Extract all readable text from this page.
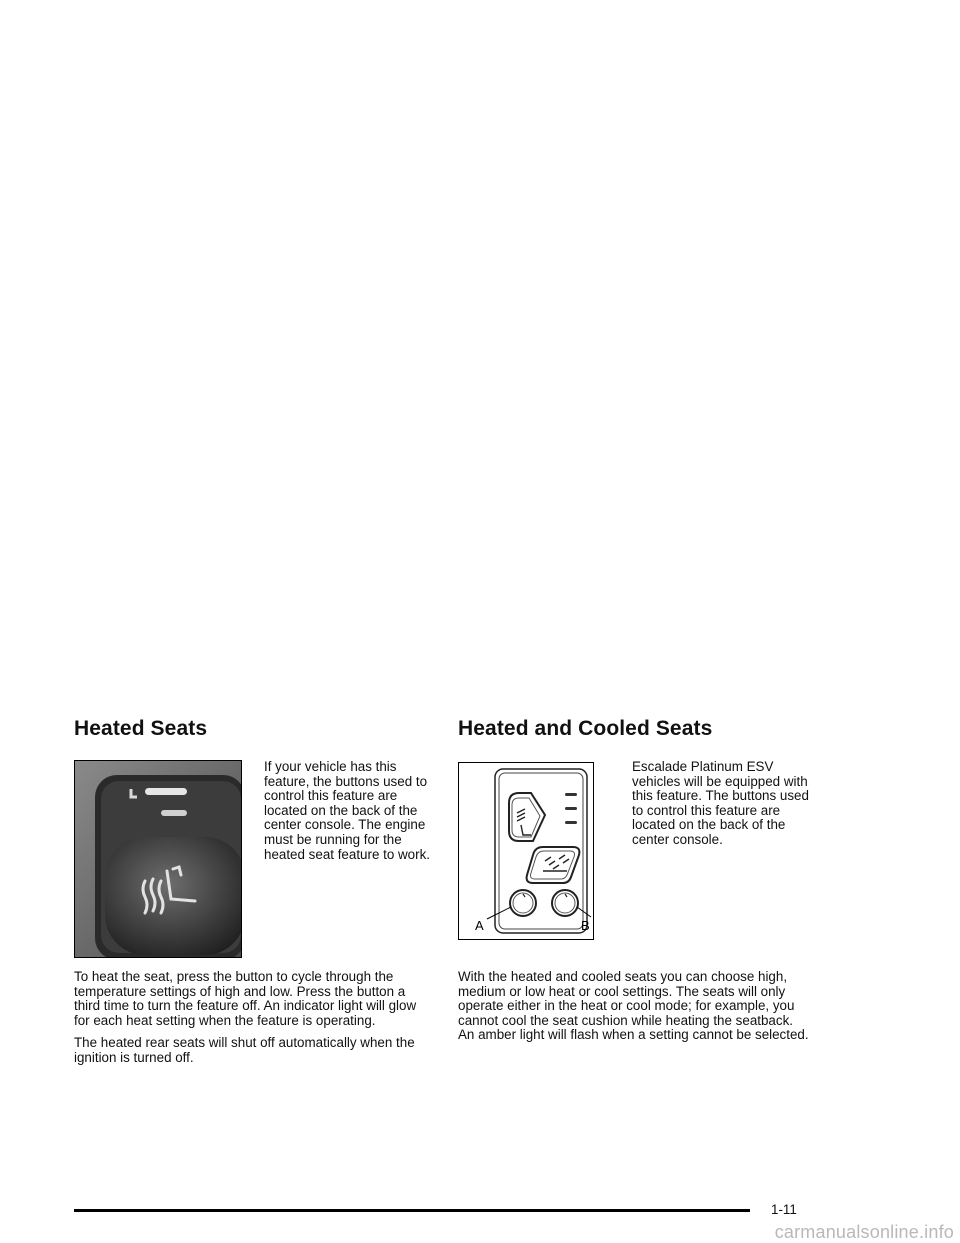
Heated Seats
If your vehicle has this feature, the buttons used to control this feature are located on the back of the center console. The engine must be running for the heated seat feature to work.

To heat the seat, press the button to cycle through the temperature settings of high and low. Press the button a third time to turn the feature off. An indicator light will glow for each heat setting when the feature is operating.

The heated rear seats will shut off automatically when the ignition is turned off.

Heated and Cooled Seats
A	B
Escalade Platinum ESV vehicles will be equipped with this feature. The buttons used to control this feature are located on the back of the center console.

With the heated and cooled seats you can choose high, medium or low heat or cool settings. The seats will only operate either in the heat or cool mode; for example, you cannot cool the seat cushion while heating the seatback. An amber light will flash when a setting cannot be selected.

1-11
carmanualsonline.info
